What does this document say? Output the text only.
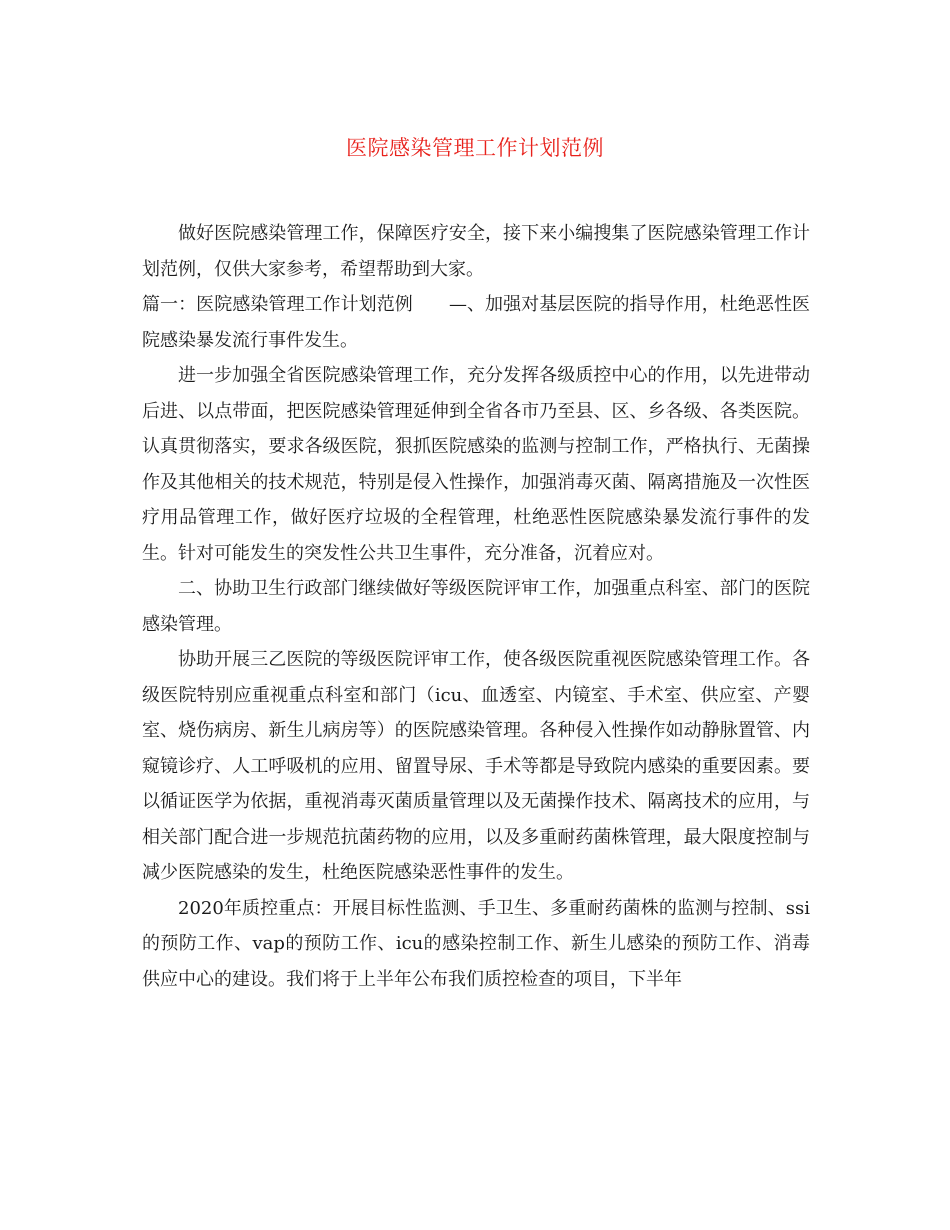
医院感染管理工作计划范例

做好医院感染管理工作，保障医疗安全，接下来小编搜集了医院感染管理工作计划范例，仅供大家参考，希望帮助到大家。

篇一：医院感染管理工作计划范例　　—、加强对基层医院的指导作用，杜绝恶性医院感染暴发流行事件发生。

进一步加强全省医院感染管理工作，充分发挥各级质控中心的作用，以先进带动后进、以点带面，把医院感染管理延伸到全省各市乃至县、区、乡各级、各类医院。认真贯彻落实，要求各级医院，狠抓医院感染的监测与控制工作，严格执行、无菌操作及其他相关的技术规范，特别是侵入性操作，加强消毒灭菌、隔离措施及一次性医疗用品管理工作，做好医疗垃圾的全程管理，杜绝恶性医院感染暴发流行事件的发生。针对可能发生的突发性公共卫生事件，充分准备，沉着应对。

二、协助卫生行政部门继续做好等级医院评审工作，加强重点科室、部门的医院感染管理。

协助开展三乙医院的等级医院评审工作，使各级医院重视医院感染管理工作。各级医院特别应重视重点科室和部门（icu、血透室、内镜室、手术室、供应室、产婴室、烧伤病房、新生儿病房等）的医院感染管理。各种侵入性操作如动静脉置管、内窥镜诊疗、人工呼吸机的应用、留置导尿、手术等都是导致院内感染的重要因素。要以循证医学为依据，重视消毒灭菌质量管理以及无菌操作技术、隔离技术的应用，与相关部门配合进一步规范抗菌药物的应用，以及多重耐药菌株管理，最大限度控制与减少医院感染的发生，杜绝医院感染恶性事件的发生。

2020年质控重点：开展目标性监测、手卫生、多重耐药菌株的监测与控制、ssi的预防工作、vap的预防工作、icu的感染控制工作、新生儿感染的预防工作、消毒供应中心的建设。我们将于上半年公布我们质控检查的项目，下半年
